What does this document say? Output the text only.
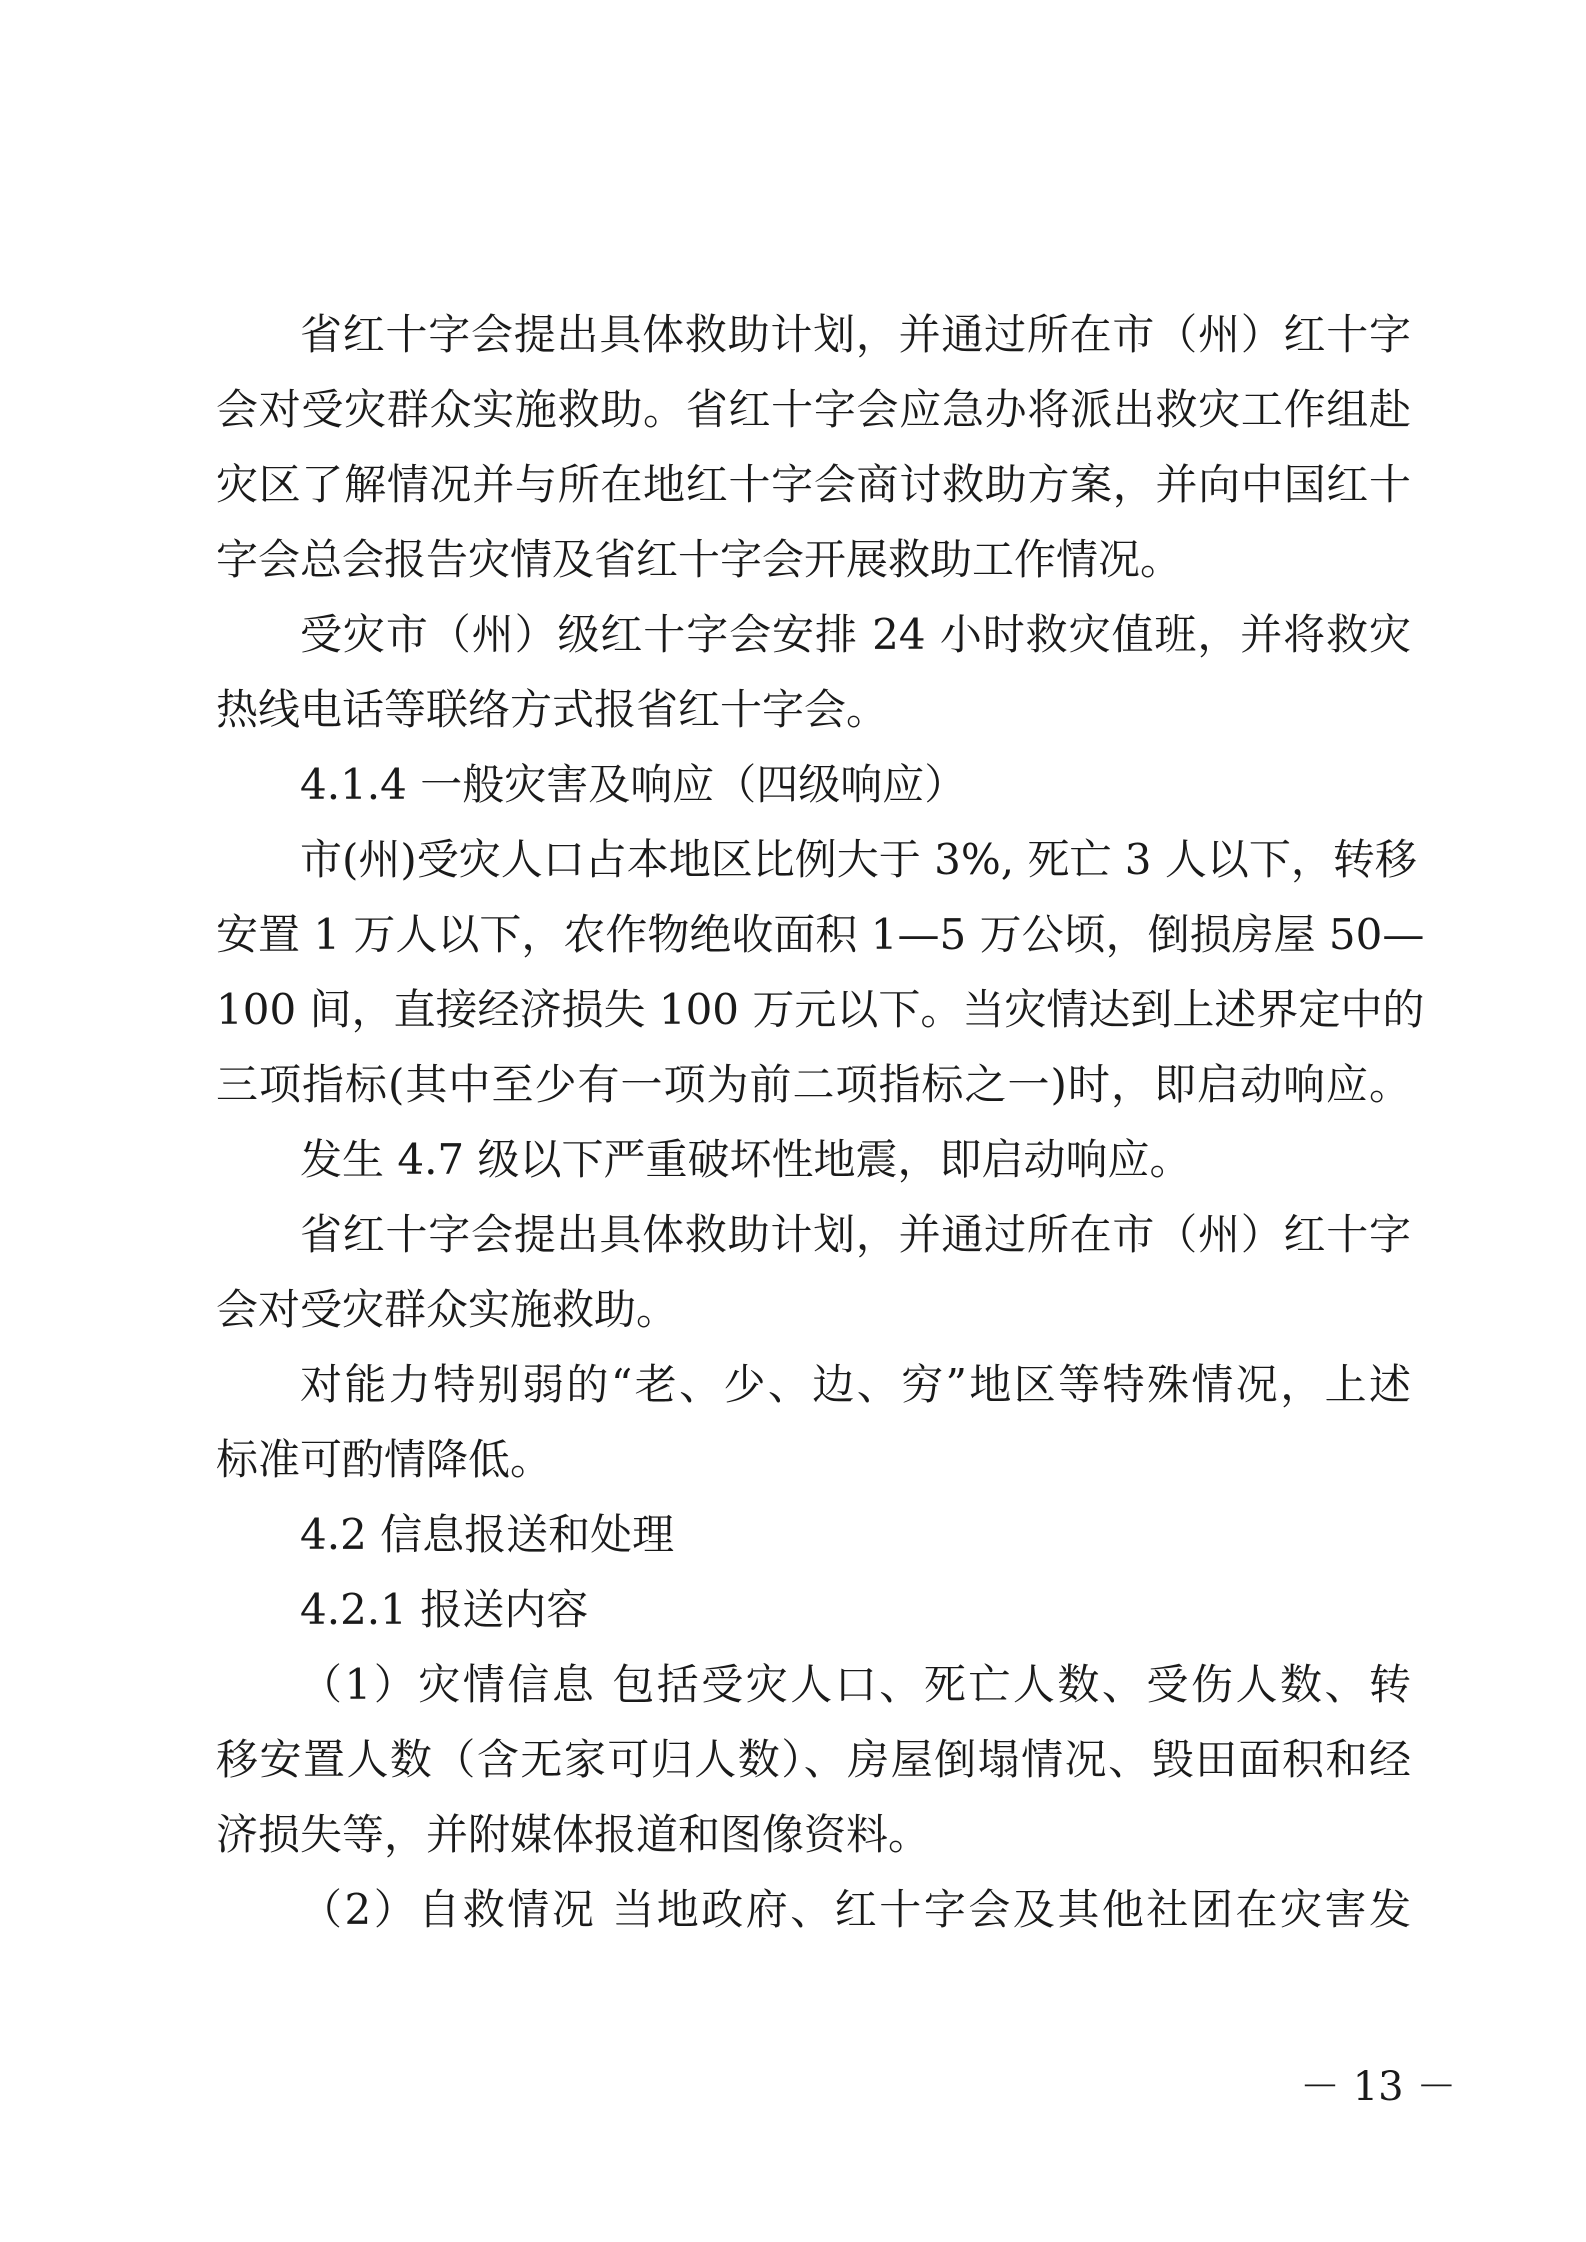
省红十字会提出具体救助计划，并通过所在市（州）红十字
会对受灾群众实施救助。省红十字会应急办将派出救灾工作组赴
灾区了解情况并与所在地红十字会商讨救助方案，并向中国红十
字会总会报告灾情及省红十字会开展救助工作情况。
受灾市（州）级红十字会安排 24 小时救灾值班，并将救灾
热线电话等联络方式报省红十字会。
4.1.4 一般灾害及响应（四级响应）
市(州)受灾人口占本地区比例大于 3%, 死亡 3 人以下，转移
安置 1 万人以下，农作物绝收面积 1—5 万公顷，倒损房屋 50—
100 间，直接经济损失 100 万元以下。当灾情达到上述界定中的
三项指标(其中至少有一项为前二项指标之一)时，即启动响应。
发生 4.7 级以下严重破坏性地震，即启动响应。
省红十字会提出具体救助计划，并通过所在市（州）红十字
会对受灾群众实施救助。
对能力特别弱的“老、少、边、穷”地区等特殊情况，上述
标准可酌情降低。
4.2 信息报送和处理
4.2.1 报送内容
（1）灾情信息 包括受灾人口、死亡人数、受伤人数、转
移安置人数（含无家可归人数）、房屋倒塌情况、毁田面积和经
济损失等，并附媒体报道和图像资料。
（2）自救情况 当地政府、红十字会及其他社团在灾害发
－ 13 －
